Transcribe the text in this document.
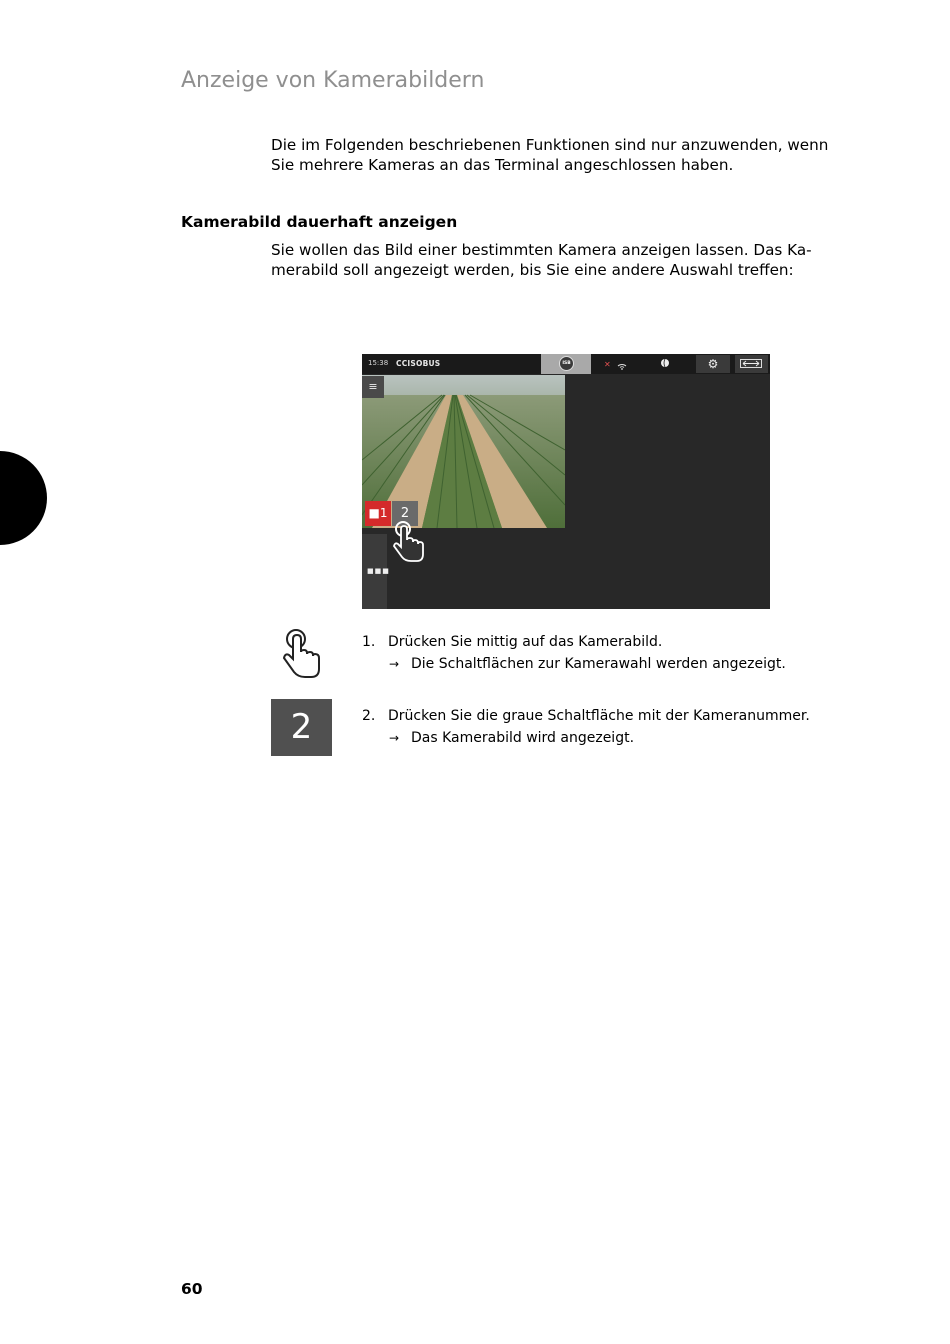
Anzeige von Kamerabildern

Die im Folgenden beschriebenen Funktionen sind nur anzuwenden, wenn

Sie mehrere Kameras an das Terminal angeschlossen haben.

Kamerabild dauerhaft anzeigen

Sie wollen das Bild einer bestimmten Kamera anzeigen lassen. Das Ka-

merabild soll angezeigt werden, bis Sie eine andere Auswahl treffen:

15:38 CCISOBUS	ISB	✕	⚙
≡
■1	2
■■■
1. Drücken Sie mittig auf das Kamerabild.
→ Die Schaltflächen zur Kamerawahl werden angezeigt.
2	2. Drücken Sie die graue Schaltfläche mit der Kameranummer.
→ Das Kamerabild wird angezeigt.
60
